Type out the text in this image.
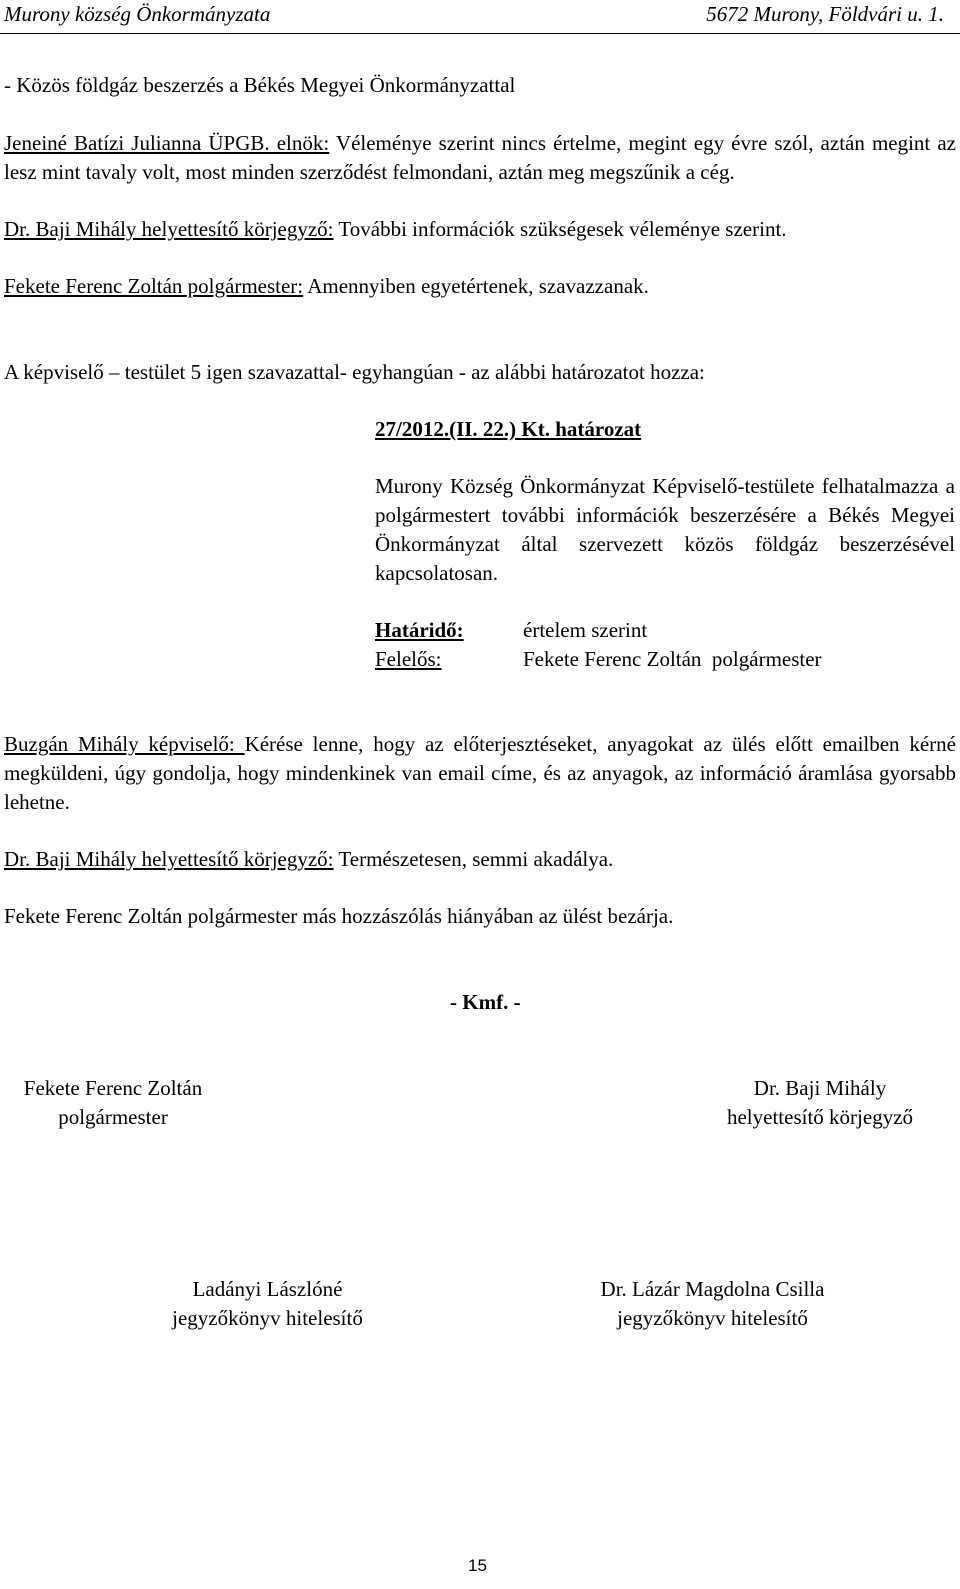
Murony község Önkormányzata	5672 Murony, Földvári u. 1.
- Közös földgáz beszerzés a Békés Megyei Önkormányzattal
Jeneiné Batízi Julianna ÜPGB. elnök: Véleménye szerint nincs értelme, megint egy évre szól, aztán megint az lesz mint tavaly volt, most minden szerződést felmondani, aztán meg megszűnik a cég.
Dr. Baji Mihály helyettesítő körjegyző: További információk szükségesek véleménye szerint.
Fekete Ferenc Zoltán polgármester: Amennyiben egyetértenek, szavazzanak.
A képviselő – testület 5 igen szavazattal- egyhangúan - az alábbi határozatot hozza:
27/2012.(II. 22.) Kt. határozat
Murony Község Önkormányzat Képviselő-testülete felhatalmazza a polgármestert további információk beszerzésére a Békés Megyei Önkormányzat által szervezett közös földgáz beszerzésével kapcsolatosan.
Határidő:	értelem szerint
Felelős:	Fekete Ferenc Zoltán  polgármester
Buzgán Mihály képviselő: Kérése lenne, hogy az előterjesztéseket, anyagokat az ülés előtt emailben kérné megküldeni, úgy gondolja, hogy mindenkinek van email címe, és az anyagok, az információ áramlása gyorsabb lehetne.
Dr. Baji Mihály helyettesítő körjegyző: Természetesen, semmi akadálya.
Fekete Ferenc Zoltán polgármester más hozzászólás hiányában az ülést bezárja.
- Kmf. -
Fekete Ferenc Zoltán
polgármester
Dr. Baji Mihály
helyettesítő körjegyző
Ladányi Lászlóné
jegyzőkönyv hitelesítő
Dr. Lázár Magdolna Csilla
jegyzőkönyv hitelesítő
15
